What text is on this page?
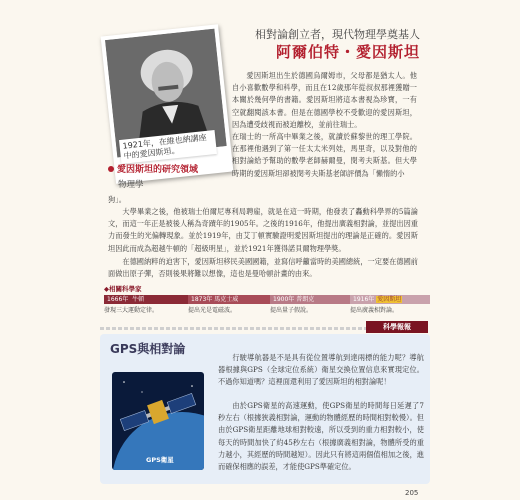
1921年，在維也納講座中的愛因斯坦。
相對論創立者，現代物理學奠基人
阿爾伯特・愛因斯坦
愛因斯坦出生於德國烏爾姆市，父母都是猶太人。他自小喜歡數學和科學，而且在12歲那年從叔叔那裡獲贈一本關於幾何學的書籍。愛因斯坦將這本書視為珍寶，一有空就翻閱該本書。但是在德國學校不受歡迎的愛因斯坦，因為遭受歧視而被迫離校，並前往瑞士。
在瑞士的一所高中畢業之後，就讀於蘇黎世的理工學院。在那裡他遇到了第一任太太米列娃，馬里奇，以及對他的相對論給予幫助的數學老師赫爾曼，閔考夫斯基。但大學時期的愛因斯坦卻被閔考夫斯基老師評價為「懶惰的小
愛因斯坦的研究領域
物理學
狗」。
大學畢業之後，他被瑞士伯爾尼專利局聘雇，就是在這一時期，他發表了轟動科學界的5篇論文，而這一年正是被後人稱為奇蹟年的1905年。之後的1916年，他提出廣義相對論，並提出因重力而發生的光偏轉現象。並於1919年，由艾丁頓實驗證明愛因斯坦提出的理論是正確的。愛因斯坦因此而成為超越牛頓的「超級明星」，並於1921年獲得諾貝爾物理學獎。
在德國納粹的迫害下，愛因斯坦移民美國國籍，並寫信呼籲當時的美國總統，一定要在德國前面做出原子彈，否則後果將難以想像，這也是曼哈頓計畫的由來。
◆相關科學家
1666年 牛頓	1873年 馬克士威	1900年 普朗克	1916年 愛因斯坦
發現三大運動定律。	提出光是電磁波。	提出量子假說。	提出廣義相對論。
科學報報
GPS與相對論
GPS衛星
行駛導航器是不是具有從位置導航到達兩標的能力呢？導航器根據與GPS（全球定位系統）衛星交換位置信息來實現定位。不過你知道嗎？這裡面還利用了愛因斯坦的相對論呢！
由於GPS衛星的高速運動，使GPS衛星的時間每日延遲了7秒左右（根據狹義相對論，運動的物體經歷的時間相對較慢）。但由於GPS衛星距離地球相對較遠，所以受到的重力相對較小，使每天的時間加快了約45秒左右（根據廣義相對論，物體所受的重力越小，其經歷的時間越短）。因此只有將這兩個值相加之後，進而確保相應的誤差，才能使GPS準確定位。
205
